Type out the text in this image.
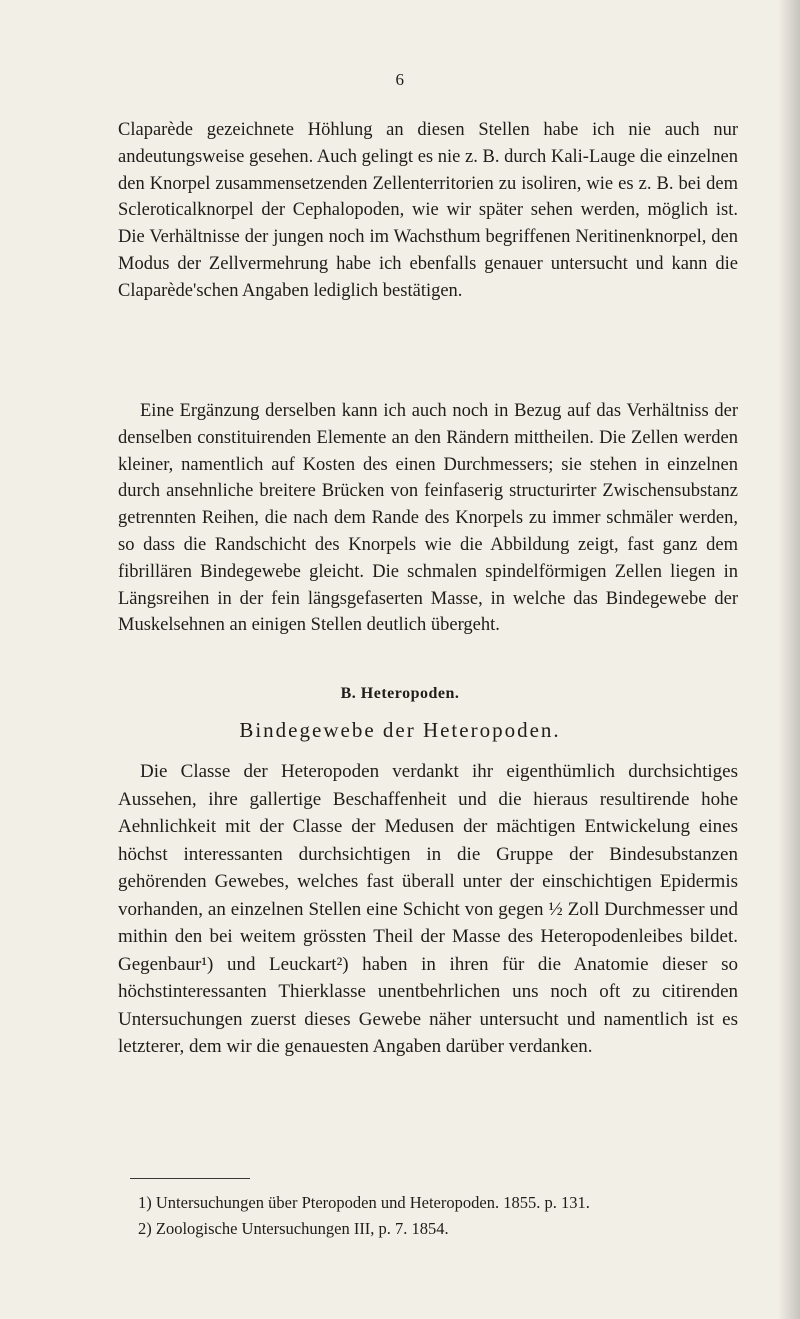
6

Claparède gezeichnete Höhlung an diesen Stellen habe ich nie auch nur andeutungsweise gesehen. Auch gelingt es nie z. B. durch Kali-Lauge die einzelnen den Knorpel zusammensetzenden Zellenterritorien zu isoliren, wie es z. B. bei dem Scleroticalknorpel der Cephalopoden, wie wir später sehen werden, möglich ist. Die Verhältnisse der jungen noch im Wachsthum begriffenen Neritinenknorpel, den Modus der Zellvermehrung habe ich ebenfalls genauer untersucht und kann die Claparède'schen Angaben lediglich bestätigen.

Eine Ergänzung derselben kann ich auch noch in Bezug auf das Verhältniss der denselben constituirenden Elemente an den Rändern mittheilen. Die Zellen werden kleiner, namentlich auf Kosten des einen Durchmessers; sie stehen in einzelnen durch ansehnliche breitere Brücken von feinfaserig structurirter Zwischensubstanz getrennten Reihen, die nach dem Rande des Knorpels zu immer schmäler werden, so dass die Randschicht des Knorpels wie die Abbildung zeigt, fast ganz dem fibrillären Bindegewebe gleicht. Die schmalen spindelförmigen Zellen liegen in Längsreihen in der fein längsgefaserten Masse, in welche das Bindegewebe der Muskelsehnen an einigen Stellen deutlich übergeht.

B. Heteropoden.
Bindegewebe der Heteropoden.

Die Classe der Heteropoden verdankt ihr eigenthümlich durchsichtiges Aussehen, ihre gallertige Beschaffenheit und die hieraus resultirende hohe Aehnlichkeit mit der Classe der Medusen der mächtigen Entwickelung eines höchst interessanten durchsichtigen in die Gruppe der Bindesubstanzen gehörenden Gewebes, welches fast überall unter der einschichtigen Epidermis vorhanden, an einzelnen Stellen eine Schicht von gegen ½ Zoll Durchmesser und mithin den bei weitem grössten Theil der Masse des Heteropodenleibes bildet. Gegenbaur¹) und Leuckart²) haben in ihren für die Anatomie dieser so höchstinteressanten Thierklasse unentbehrlichen uns noch oft zu citirenden Untersuchungen zuerst dieses Gewebe näher untersucht und namentlich ist es letzterer, dem wir die genauesten Angaben darüber verdanken.

1) Untersuchungen über Pteropoden und Heteropoden. 1855. p. 131.
2) Zoologische Untersuchungen III, p. 7. 1854.
